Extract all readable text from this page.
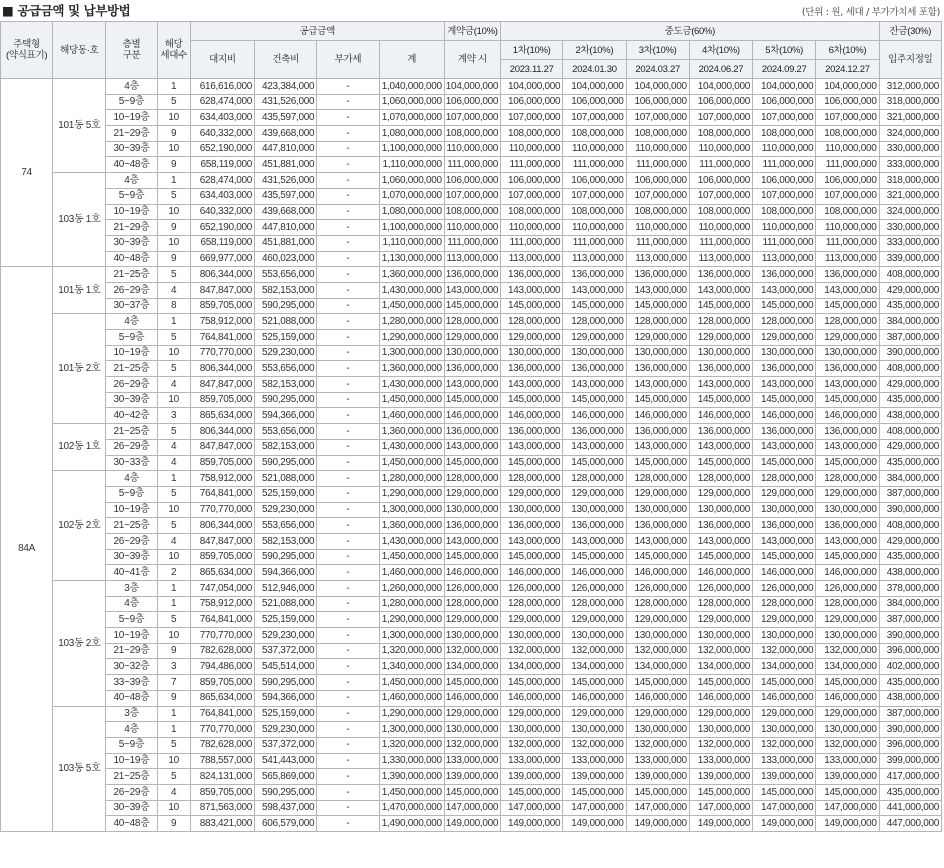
■ 공급금액 및 납부방법	(단위 : 원, 세대 / 부가가치세 포함)
주택형
(약식표기)	해당동·호	층별
구분	해당
세대수	공급금액				계약금(10%)	중도금(60%)						잔금(30%)
				대지비	건축비	부가세	계	계약 시	1차(10%)	2차(10%)	3차(10%)	4차(10%)	5차(10%)	6차(10%)	입주지정일
									2023.11.27	2024.01.30	2024.03.27	2024.06.27	2024.09.27	2024.12.27	
74	101동 5호	4층	1	616,616,000	423,384,000	-	1,040,000,000	104,000,000	104,000,000	104,000,000	104,000,000	104,000,000	104,000,000	104,000,000	312,000,000
		5~9층	5	628,474,000	431,526,000	-	1,060,000,000	106,000,000	106,000,000	106,000,000	106,000,000	106,000,000	106,000,000	106,000,000	318,000,000
		10~19층	10	634,403,000	435,597,000	-	1,070,000,000	107,000,000	107,000,000	107,000,000	107,000,000	107,000,000	107,000,000	107,000,000	321,000,000
		21~29층	9	640,332,000	439,668,000	-	1,080,000,000	108,000,000	108,000,000	108,000,000	108,000,000	108,000,000	108,000,000	108,000,000	324,000,000
		30~39층	10	652,190,000	447,810,000	-	1,100,000,000	110,000,000	110,000,000	110,000,000	110,000,000	110,000,000	110,000,000	110,000,000	330,000,000
		40~48층	9	658,119,000	451,881,000	-	1,110,000,000	111,000,000	111,000,000	111,000,000	111,000,000	111,000,000	111,000,000	111,000,000	333,000,000
	103동 1호	4층	1	628,474,000	431,526,000	-	1,060,000,000	106,000,000	106,000,000	106,000,000	106,000,000	106,000,000	106,000,000	106,000,000	318,000,000
		5~9층	5	634,403,000	435,597,000	-	1,070,000,000	107,000,000	107,000,000	107,000,000	107,000,000	107,000,000	107,000,000	107,000,000	321,000,000
		10~19층	10	640,332,000	439,668,000	-	1,080,000,000	108,000,000	108,000,000	108,000,000	108,000,000	108,000,000	108,000,000	108,000,000	324,000,000
		21~29층	9	652,190,000	447,810,000	-	1,100,000,000	110,000,000	110,000,000	110,000,000	110,000,000	110,000,000	110,000,000	110,000,000	330,000,000
		30~39층	10	658,119,000	451,881,000	-	1,110,000,000	111,000,000	111,000,000	111,000,000	111,000,000	111,000,000	111,000,000	111,000,000	333,000,000
		40~48층	9	669,977,000	460,023,000	-	1,130,000,000	113,000,000	113,000,000	113,000,000	113,000,000	113,000,000	113,000,000	113,000,000	339,000,000
84A	101동 1호	21~25층	5	806,344,000	553,656,000	-	1,360,000,000	136,000,000	136,000,000	136,000,000	136,000,000	136,000,000	136,000,000	136,000,000	408,000,000
		26~29층	4	847,847,000	582,153,000	-	1,430,000,000	143,000,000	143,000,000	143,000,000	143,000,000	143,000,000	143,000,000	143,000,000	429,000,000
		30~37층	8	859,705,000	590,295,000	-	1,450,000,000	145,000,000	145,000,000	145,000,000	145,000,000	145,000,000	145,000,000	145,000,000	435,000,000
	101동 2호	4층	1	758,912,000	521,088,000	-	1,280,000,000	128,000,000	128,000,000	128,000,000	128,000,000	128,000,000	128,000,000	128,000,000	384,000,000
		5~9층	5	764,841,000	525,159,000	-	1,290,000,000	129,000,000	129,000,000	129,000,000	129,000,000	129,000,000	129,000,000	129,000,000	387,000,000
		10~19층	10	770,770,000	529,230,000	-	1,300,000,000	130,000,000	130,000,000	130,000,000	130,000,000	130,000,000	130,000,000	130,000,000	390,000,000
		21~25층	5	806,344,000	553,656,000	-	1,360,000,000	136,000,000	136,000,000	136,000,000	136,000,000	136,000,000	136,000,000	136,000,000	408,000,000
		26~29층	4	847,847,000	582,153,000	-	1,430,000,000	143,000,000	143,000,000	143,000,000	143,000,000	143,000,000	143,000,000	143,000,000	429,000,000
		30~39층	10	859,705,000	590,295,000	-	1,450,000,000	145,000,000	145,000,000	145,000,000	145,000,000	145,000,000	145,000,000	145,000,000	435,000,000
		40~42층	3	865,634,000	594,366,000	-	1,460,000,000	146,000,000	146,000,000	146,000,000	146,000,000	146,000,000	146,000,000	146,000,000	438,000,000
	102동 1호	21~25층	5	806,344,000	553,656,000	-	1,360,000,000	136,000,000	136,000,000	136,000,000	136,000,000	136,000,000	136,000,000	136,000,000	408,000,000
		26~29층	4	847,847,000	582,153,000	-	1,430,000,000	143,000,000	143,000,000	143,000,000	143,000,000	143,000,000	143,000,000	143,000,000	429,000,000
		30~33층	4	859,705,000	590,295,000	-	1,450,000,000	145,000,000	145,000,000	145,000,000	145,000,000	145,000,000	145,000,000	145,000,000	435,000,000
	102동 2호	4층	1	758,912,000	521,088,000	-	1,280,000,000	128,000,000	128,000,000	128,000,000	128,000,000	128,000,000	128,000,000	128,000,000	384,000,000
		5~9층	5	764,841,000	525,159,000	-	1,290,000,000	129,000,000	129,000,000	129,000,000	129,000,000	129,000,000	129,000,000	129,000,000	387,000,000
		10~19층	10	770,770,000	529,230,000	-	1,300,000,000	130,000,000	130,000,000	130,000,000	130,000,000	130,000,000	130,000,000	130,000,000	390,000,000
		21~25층	5	806,344,000	553,656,000	-	1,360,000,000	136,000,000	136,000,000	136,000,000	136,000,000	136,000,000	136,000,000	136,000,000	408,000,000
		26~29층	4	847,847,000	582,153,000	-	1,430,000,000	143,000,000	143,000,000	143,000,000	143,000,000	143,000,000	143,000,000	143,000,000	429,000,000
		30~39층	10	859,705,000	590,295,000	-	1,450,000,000	145,000,000	145,000,000	145,000,000	145,000,000	145,000,000	145,000,000	145,000,000	435,000,000
		40~41층	2	865,634,000	594,366,000	-	1,460,000,000	146,000,000	146,000,000	146,000,000	146,000,000	146,000,000	146,000,000	146,000,000	438,000,000
	103동 2호	3층	1	747,054,000	512,946,000	-	1,260,000,000	126,000,000	126,000,000	126,000,000	126,000,000	126,000,000	126,000,000	126,000,000	378,000,000
		4층	1	758,912,000	521,088,000	-	1,280,000,000	128,000,000	128,000,000	128,000,000	128,000,000	128,000,000	128,000,000	128,000,000	384,000,000
		5~9층	5	764,841,000	525,159,000	-	1,290,000,000	129,000,000	129,000,000	129,000,000	129,000,000	129,000,000	129,000,000	129,000,000	387,000,000
		10~19층	10	770,770,000	529,230,000	-	1,300,000,000	130,000,000	130,000,000	130,000,000	130,000,000	130,000,000	130,000,000	130,000,000	390,000,000
		21~29층	9	782,628,000	537,372,000	-	1,320,000,000	132,000,000	132,000,000	132,000,000	132,000,000	132,000,000	132,000,000	132,000,000	396,000,000
		30~32층	3	794,486,000	545,514,000	-	1,340,000,000	134,000,000	134,000,000	134,000,000	134,000,000	134,000,000	134,000,000	134,000,000	402,000,000
		33~39층	7	859,705,000	590,295,000	-	1,450,000,000	145,000,000	145,000,000	145,000,000	145,000,000	145,000,000	145,000,000	145,000,000	435,000,000
		40~48층	9	865,634,000	594,366,000	-	1,460,000,000	146,000,000	146,000,000	146,000,000	146,000,000	146,000,000	146,000,000	146,000,000	438,000,000
	103동 5호	3층	1	764,841,000	525,159,000	-	1,290,000,000	129,000,000	129,000,000	129,000,000	129,000,000	129,000,000	129,000,000	129,000,000	387,000,000
		4층	1	770,770,000	529,230,000	-	1,300,000,000	130,000,000	130,000,000	130,000,000	130,000,000	130,000,000	130,000,000	130,000,000	390,000,000
		5~9층	5	782,628,000	537,372,000	-	1,320,000,000	132,000,000	132,000,000	132,000,000	132,000,000	132,000,000	132,000,000	132,000,000	396,000,000
		10~19층	10	788,557,000	541,443,000	-	1,330,000,000	133,000,000	133,000,000	133,000,000	133,000,000	133,000,000	133,000,000	133,000,000	399,000,000
		21~25층	5	824,131,000	565,869,000	-	1,390,000,000	139,000,000	139,000,000	139,000,000	139,000,000	139,000,000	139,000,000	139,000,000	417,000,000
		26~29층	4	859,705,000	590,295,000	-	1,450,000,000	145,000,000	145,000,000	145,000,000	145,000,000	145,000,000	145,000,000	145,000,000	435,000,000
		30~39층	10	871,563,000	598,437,000	-	1,470,000,000	147,000,000	147,000,000	147,000,000	147,000,000	147,000,000	147,000,000	147,000,000	441,000,000
		40~48층	9	883,421,000	606,579,000	-	1,490,000,000	149,000,000	149,000,000	149,000,000	149,000,000	149,000,000	149,000,000	149,000,000	447,000,000
